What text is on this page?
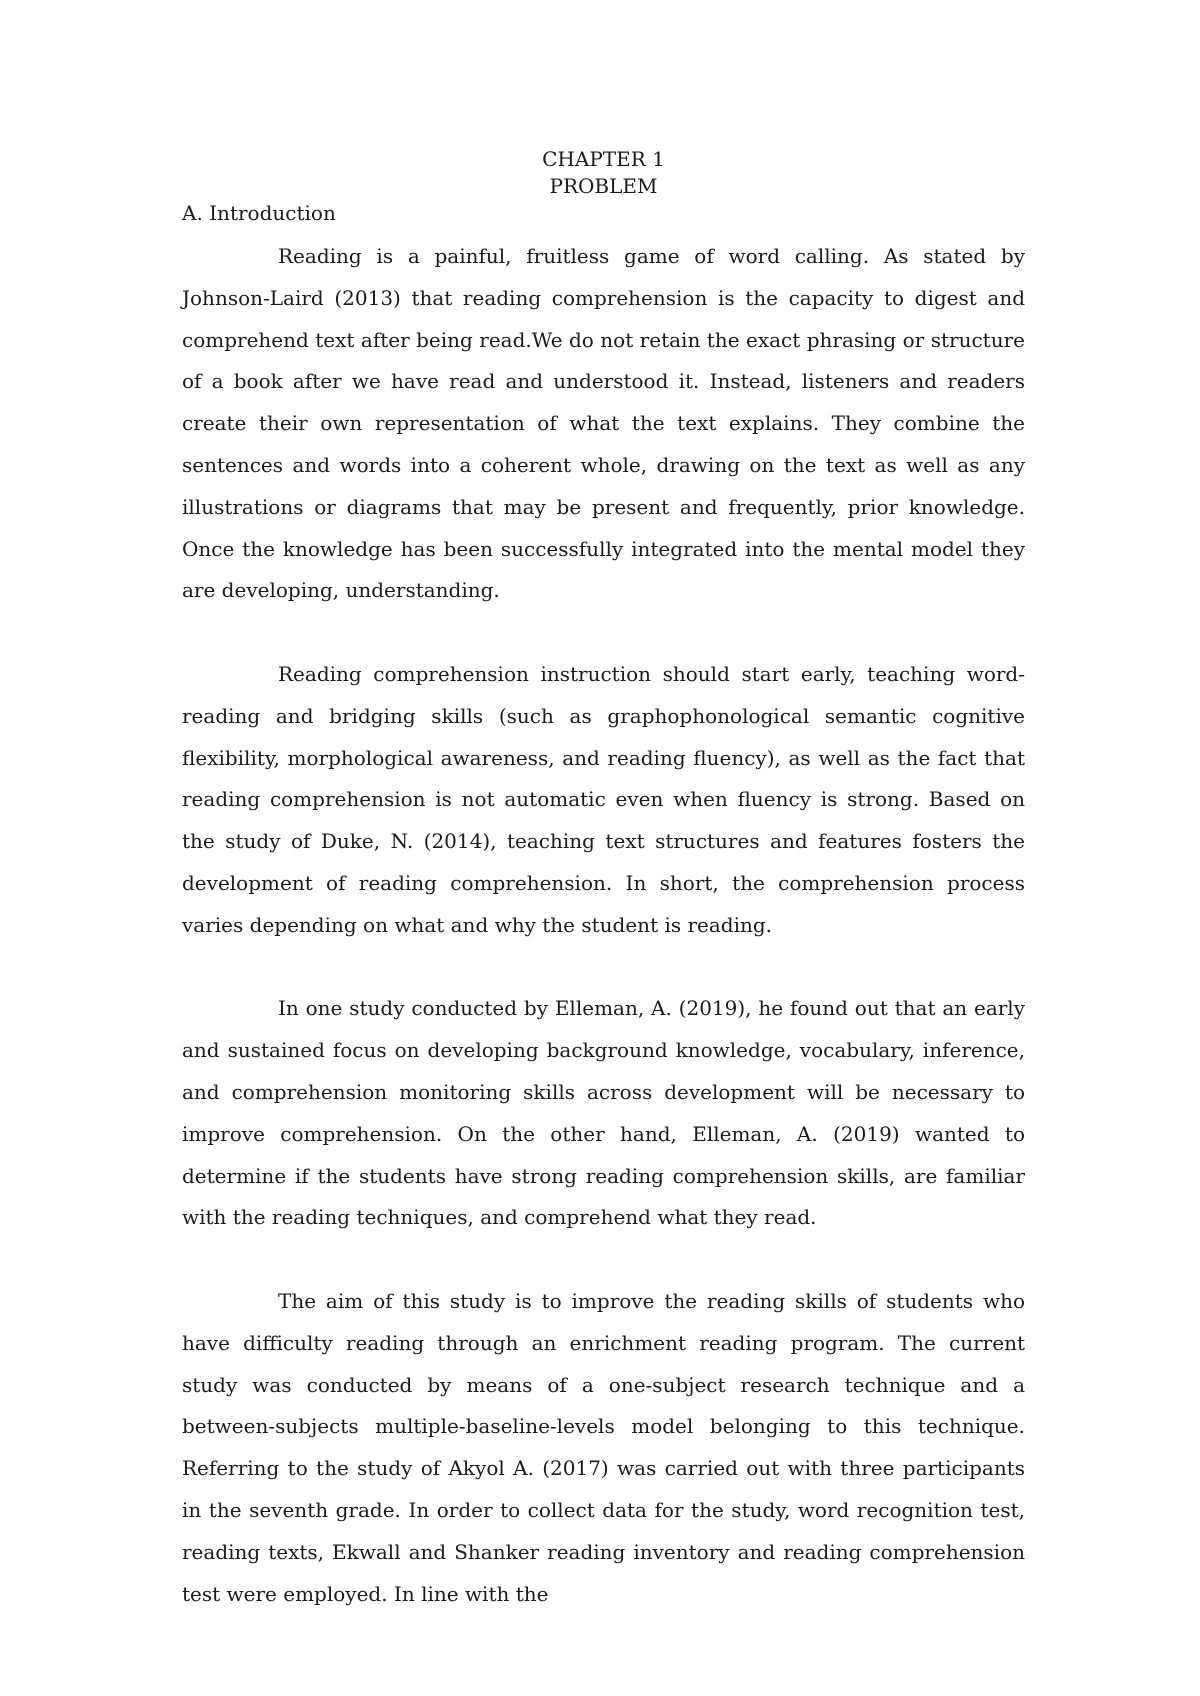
CHAPTER 1
PROBLEM
A. Introduction

Reading is a painful, fruitless game of word calling. As stated by Johnson-Laird (2013) that reading comprehension is the capacity to digest and comprehend text after being read.We do not retain the exact phrasing or structure of a book after we have read and understood it. Instead, listeners and readers create their own representation of what the text explains. They combine the sentences and words into a coherent whole, drawing on the text as well as any illustrations or diagrams that may be present and frequently, prior knowledge. Once the knowledge has been successfully integrated into the mental model they are developing, understanding.

Reading comprehension instruction should start early, teaching word-reading and bridging skills (such as graphophonological semantic cognitive flexibility, morphological awareness, and reading fluency), as well as the fact that reading comprehension is not automatic even when fluency is strong. Based on the study of Duke, N. (2014), teaching text structures and features fosters the development of reading comprehension. In short, the comprehension process varies depending on what and why the student is reading.

In one study conducted by Elleman, A. (2019), he found out that an early and sustained focus on developing background knowledge, vocabulary, inference, and comprehension monitoring skills across development will be necessary to improve comprehension. On the other hand, Elleman, A. (2019) wanted to determine if the students have strong reading comprehension skills, are familiar with the reading techniques, and comprehend what they read.

The aim of this study is to improve the reading skills of students who have difficulty reading through an enrichment reading program. The current study was conducted by means of a one-subject research technique and a between-subjects multiple-baseline-levels model belonging to this technique. Referring to the study of Akyol A. (2017) was carried out with three participants in the seventh grade. In order to collect data for the study, word recognition test, reading texts, Ekwall and Shanker reading inventory and reading comprehension test were employed. In line with the
